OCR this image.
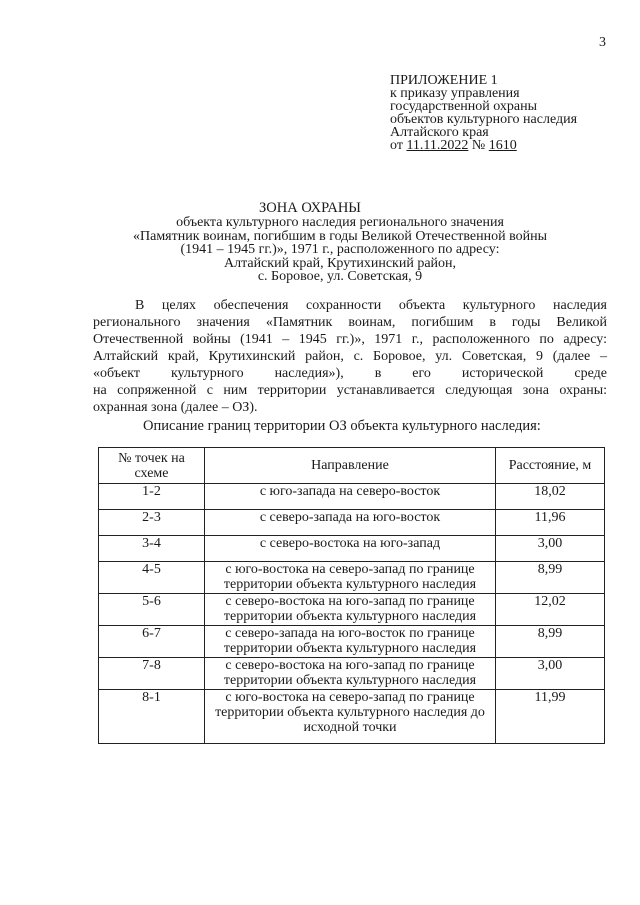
3
ПРИЛОЖЕНИЕ 1
к приказу управления
государственной охраны
объектов культурного наследия
Алтайского края
от 11.11.2022 № 1610
ЗОНА ОХРАНЫ
объекта культурного наследия регионального значения
«Памятник воинам, погибшим в годы Великой Отечественной войны
(1941 – 1945 гг.)», 1971 г., расположенного по адресу:
Алтайский край, Крутихинский район,
с. Боровое, ул. Советская, 9
В целях обеспечения сохранности объекта культурного наследия
регионального значения «Памятник воинам, погибшим в годы Великой
Отечественной войны (1941 – 1945 гг.)», 1971 г., расположенного по адресу:
Алтайский край, Крутихинский район, с. Боровое, ул. Советская, 9 (далее –
«объект культурного наследия»), в его исторической среде
на сопряженной с ним территории устанавливается следующая зона охраны:
охранная зона (далее – ОЗ).
Описание границ территории ОЗ объекта культурного наследия:
№ точек на схеме	Направление	Расстояние, м
1-2	с юго-запада на северо-восток	18,02
2-3	с северо-запада на юго-восток	11,96
3-4	с северо-востока на юго-запад	3,00
4-5	с юго-востока на северо-запад по границе территории объекта культурного наследия	8,99
5-6	с северо-востока на юго-запад по границе территории объекта культурного наследия	12,02
6-7	с северо-запада на юго-восток по границе территории объекта культурного наследия	8,99
7-8	с северо-востока на юго-запад по границе территории объекта культурного наследия	3,00
8-1	с юго-востока на северо-запад по границе территории объекта культурного наследия до исходной точки	11,99
